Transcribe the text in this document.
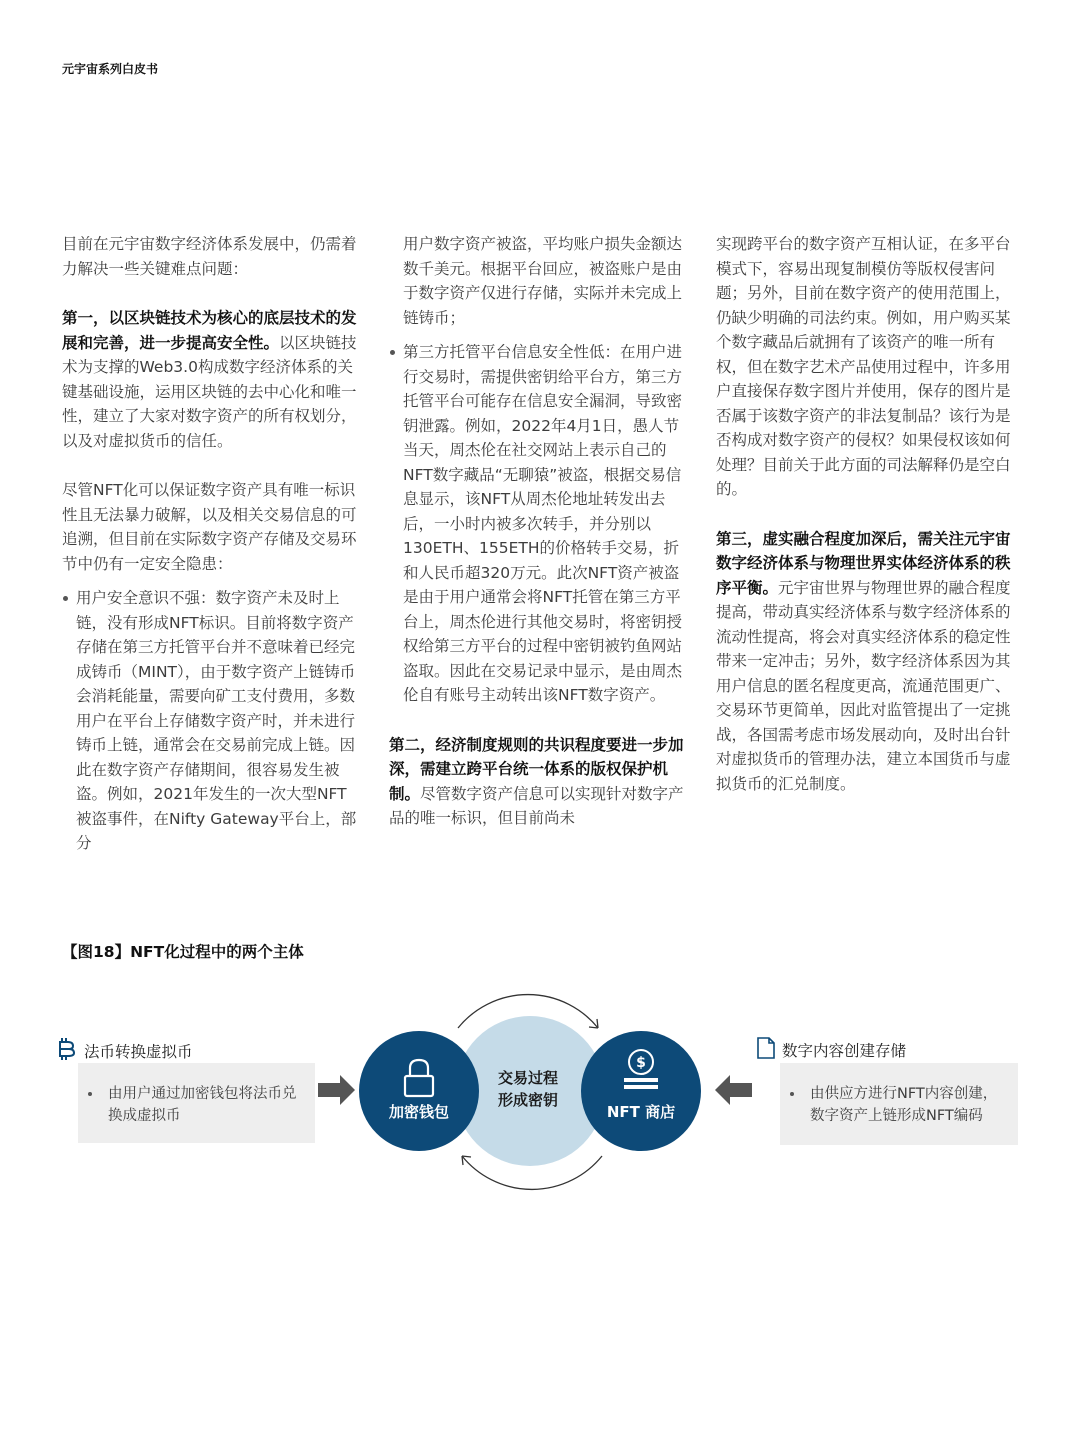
元宇宙系列白皮书

目前在元宇宙数字经济体系发展中，仍需着力解决一些关键难点问题：

第一，以区块链技术为核心的底层技术的发展和完善，进一步提高安全性。以区块链技术为支撑的Web3.0构成数字经济体系的关键基础设施，运用区块链的去中心化和唯一性，建立了大家对数字资产的所有权划分，以及对虚拟货币的信任。

尽管NFT化可以保证数字资产具有唯一标识性且无法暴力破解，以及相关交易信息的可追溯，但目前在实际数字资产存储及交易环节中仍有一定安全隐患：

用户安全意识不强：数字资产未及时上链，没有形成NFT标识。目前将数字资产存储在第三方托管平台并不意味着已经完成铸币（MINT），由于数字资产上链铸币会消耗能量，需要向矿工支付费用，多数用户在平台上存储数字资产时，并未进行铸币上链，通常会在交易前完成上链。因此在数字资产存储期间，很容易发生被盗。例如，2021年发生的一次大型NFT被盗事件，在Nifty Gateway平台上，部分

用户数字资产被盗，平均账户损失金额达数千美元。根据平台回应，被盗账户是由于数字资产仅进行存储，实际并未完成上链铸币；

第三方托管平台信息安全性低：在用户进行交易时，需提供密钥给平台方，第三方托管平台可能存在信息安全漏洞，导致密钥泄露。例如，2022年4月1日，愚人节当天，周杰伦在社交网站上表示自己的NFT数字藏品“无聊猿”被盗，根据交易信息显示，该NFT从周杰伦地址转发出去后，一小时内被多次转手，并分别以130ETH、155ETH的价格转手交易，折和人民币超320万元。此次NFT资产被盗是由于用户通常会将NFT托管在第三方平台上，周杰伦进行其他交易时，将密钥授权给第三方平台的过程中密钥被钓鱼网站盗取。因此在交易记录中显示，是由周杰伦自有账号主动转出该NFT数字资产。

第二，经济制度规则的共识程度要进一步加深，需建立跨平台统一体系的版权保护机制。尽管数字资产信息可以实现针对数字产品的唯一标识，但目前尚未

实现跨平台的数字资产互相认证，在多平台模式下，容易出现复制模仿等版权侵害问题；另外，目前在数字资产的使用范围上，仍缺少明确的司法约束。例如，用户购买某个数字藏品后就拥有了该资产的唯一所有权，但在数字艺术产品使用过程中，许多用户直接保存数字图片并使用，保存的图片是否属于该数字资产的非法复制品？该行为是否构成对数字资产的侵权？如果侵权该如何处理？目前关于此方面的司法解释仍是空白的。

第三，虚实融合程度加深后，需关注元宇宙数字经济体系与物理世界实体经济体系的秩序平衡。元宇宙世界与物理世界的融合程度提高，带动真实经济体系与数字经济体系的流动性提高，将会对真实经济体系的稳定性带来一定冲击；另外，数字经济体系因为其用户信息的匿名程度更高，流通范围更广、交易环节更简单，因此对监管提出了一定挑战，各国需考虑市场发展动向，及时出台针对虚拟货币的管理办法，建立本国货币与虚拟货币的汇兑制度。

【图18】NFT化过程中的两个主体
法币转换虚拟币
由用户通过加密钱包将法币兑换成虚拟币
数字内容创建存储
由供应方进行NFT内容创建，数字资产上链形成NFT编码
$
加密钱包	NFT 商店
交易过程
形成密钥
